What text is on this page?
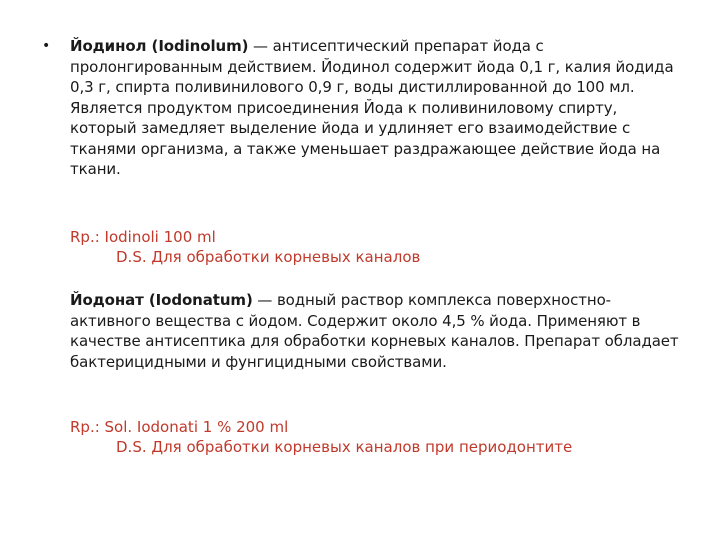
• Йодинол (Iodinolum) — антисептический препарат йода с пролонгированным действием. Йодинол содержит йода 0,1 г, калия йодида 0,3 г, спирта поливинилового 0,9 г, воды дистиллированной до 100 мл. Является продуктом присоединения Йода к поливиниловому спирту, который замедляет выделение йода и удлиняет его взаимодействие с тканями организма, а также уменьшает раздражающее действие йода на ткани.

Rp.: Iodinoli 100 ml
D.S. Для обработки корневых каналов

Йодонат (Iodonatum) — водный раствор комплекса поверхностно-активного вещества с йодом. Содержит около 4,5 % йода. Применяют в качестве антисептика для обработки корневых каналов. Препарат обладает бактерицидными и фунгицидными свойствами.

Rp.: Sol. Iodonati 1 % 200 ml
D.S. Для обработки корневых каналов при периодонтите
